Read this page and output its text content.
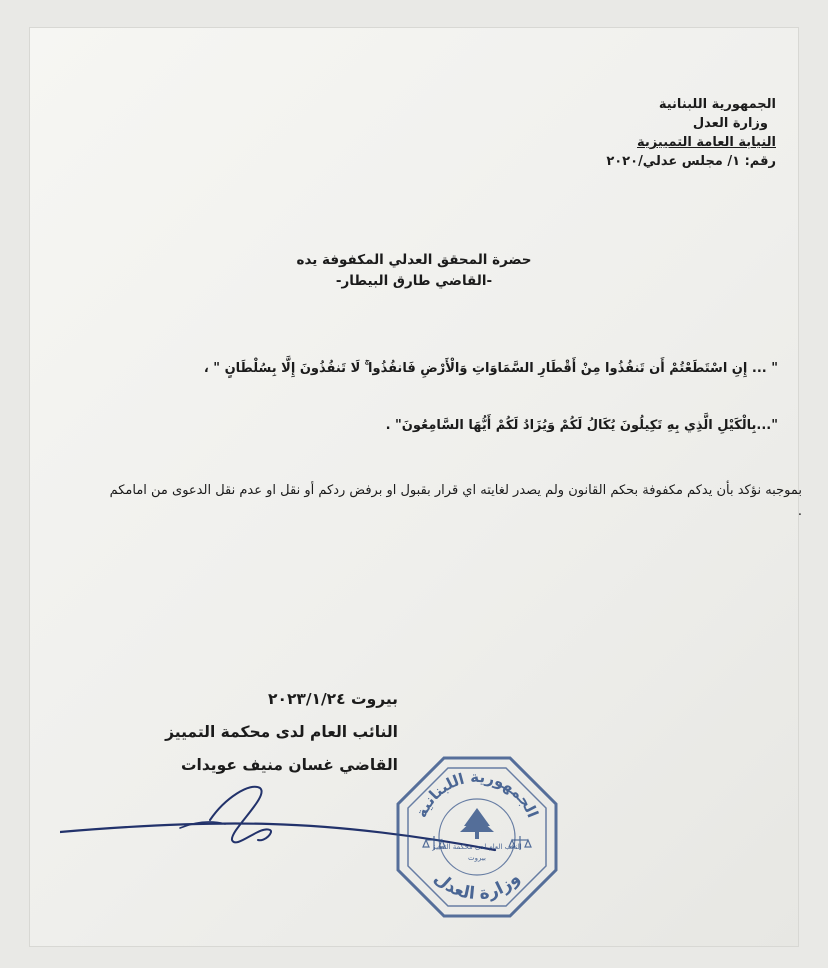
الجمهورية اللبنانية
وزارة العدل
النيابة العامة التمييزية
رقم: ١/ مجلس عدلي/٢٠٢٠
حضرة المحقق العدلي المكفوفة يده
-القاضي طارق البيطار-
" ... إِنِ اسْتَطَعْتُمْ أَن تَنفُذُوا مِنْ أَقْطَارِ السَّمَاوَاتِ وَالْأَرْضِ فَانفُذُوا ۚ لَا تَنفُذُونَ إِلَّا بِسُلْطَانٍ " ،
"...بِالْكَيْلِ الَّذِي بِهِ تَكِيلُونَ يُكَالُ لَكُمْ وَيُزَادُ لَكُمْ أَيُّهَا السَّامِعُونَ" .
بموجبه نؤكد بأن يدكم مكفوفة بحكم القانون ولم يصدر لغايته اي قرار بقبول او برفض ردكم أو نقل او عدم نقل الدعوى من امامكم .
بيروت ٢٠٢٣/١/٢٤
النائب العام لدى محكمة التمييز
القاضي غسان منيف عويدات
الجمهورية اللبنانية
وزارة العدل
النائب العام لدى محكمة التمييز
بيروت
